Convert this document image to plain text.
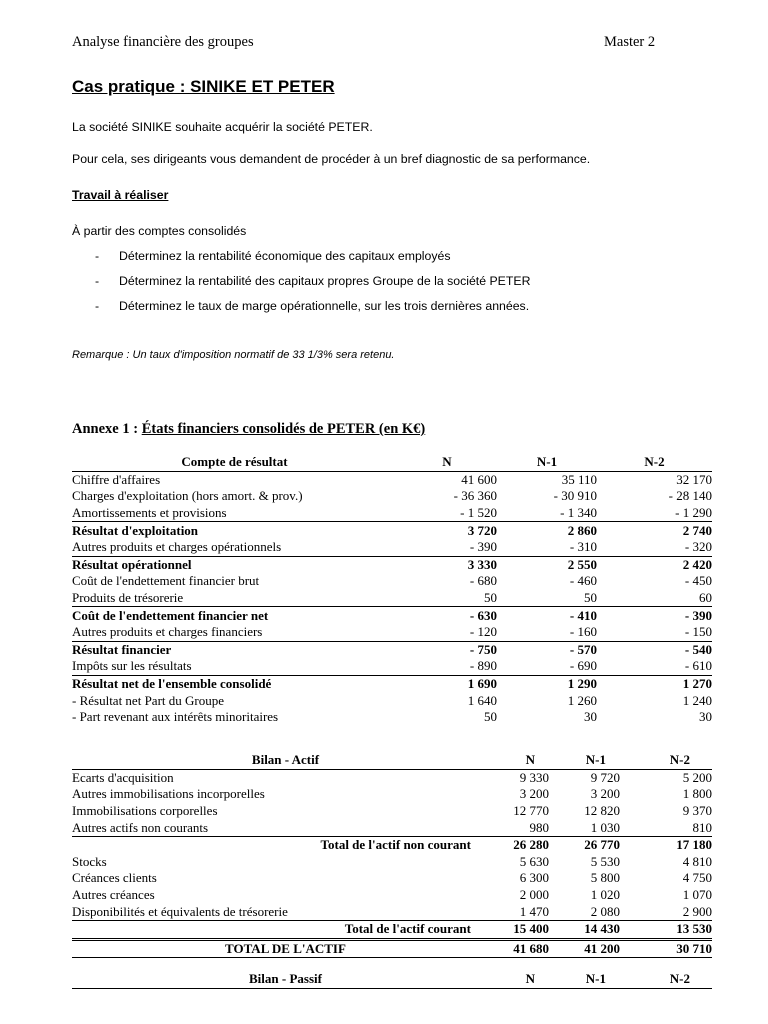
Analyse financière des groupes	Master 2
Cas pratique : SINIKE ET PETER
La société SINIKE souhaite acquérir la société PETER.
Pour cela, ses dirigeants vous demandent de procéder à un bref diagnostic de sa performance.
Travail à réaliser
À partir des comptes consolidés
- Déterminez la rentabilité économique des capitaux employés
- Déterminez la rentabilité des capitaux propres Groupe de la société PETER
- Déterminez le taux de marge opérationnelle, sur les trois dernières années.
Remarque : Un taux d'imposition normatif de 33 1/3% sera retenu.
Annexe 1 : États financiers consolidés de PETER (en K€)
Compte de résultat	N	N-1	N-2
Chiffre d'affaires	41 600	35 110	32 170
Charges d'exploitation (hors amort. & prov.)	- 36 360	- 30 910	- 28 140
Amortissements et provisions	- 1 520	- 1 340	- 1 290
Résultat d'exploitation	3 720	2 860	2 740
Autres produits et charges opérationnels	- 390	- 310	- 320
Résultat opérationnel	3 330	2 550	2 420
Coût de l'endettement financier brut	- 680	- 460	- 450
Produits de trésorerie	50	50	60
Coût de l'endettement financier net	- 630	- 410	- 390
Autres produits et charges financiers	- 120	- 160	- 150
Résultat financier	- 750	- 570	- 540
Impôts sur les résultats	- 890	- 690	- 610
Résultat net de l'ensemble consolidé	1 690	1 290	1 270
- Résultat net Part du Groupe	1 640	1 260	1 240
- Part revenant aux intérêts minoritaires	50	30	30
Bilan - Actif	N	N-1	N-2
Ecarts d'acquisition	9 330	9 720	5 200
Autres immobilisations incorporelles	3 200	3 200	1 800
Immobilisations corporelles	12 770	12 820	9 370
Autres actifs non courants	980	1 030	810
Total de l'actif non courant	26 280	26 770	17 180
Stocks	5 630	5 530	4 810
Créances clients	6 300	5 800	4 750
Autres créances	2 000	1 020	1 070
Disponibilités et équivalents de trésorerie	1 470	2 080	2 900
Total de l'actif courant	15 400	14 430	13 530
TOTAL DE L'ACTIF	41 680	41 200	30 710
Bilan - Passif	N	N-1	N-2
